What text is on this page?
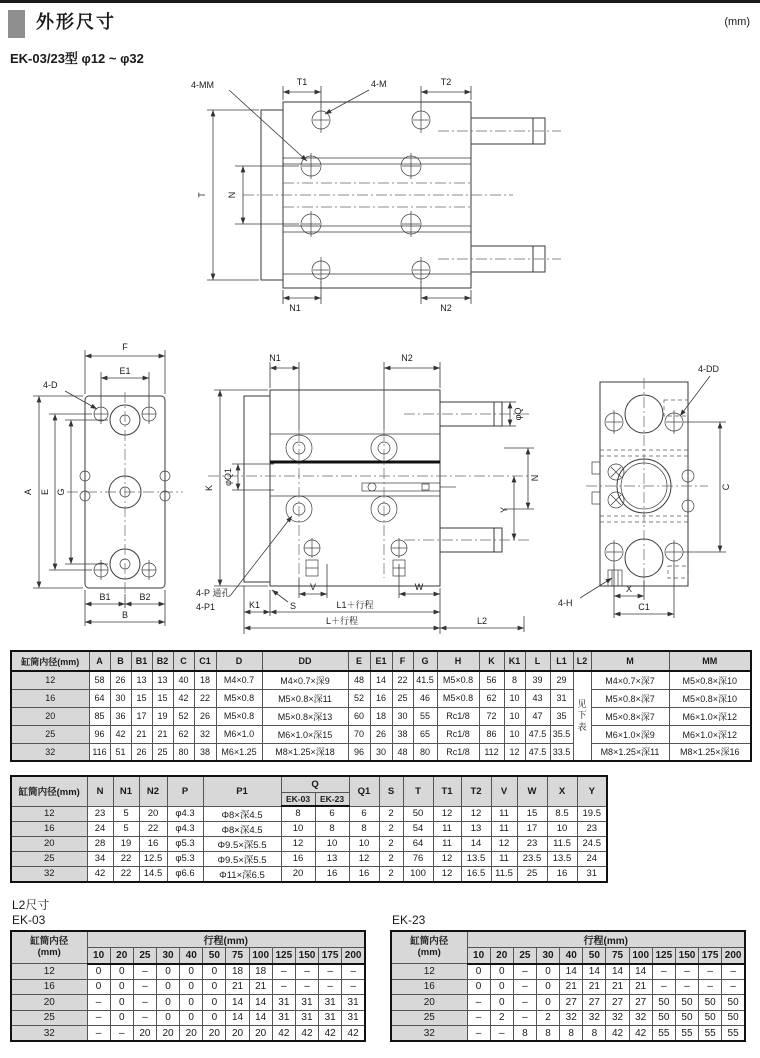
外形尺寸	(mm)
EK-03/23型 φ12 ~ φ32
4-MM	T1	4-M	T2
T N
N1	N2
F
4-D
E1
A E G
B1	B2
B
N1	N2
K
φQ1
φQ
N
Y
V	W
S
K1	L1＋行程
L＋行程	L2
4-P 通孔
4-P1
4-DD
C
4-H
X
C1
缸筒内径(mm)	A	B	B1	B2	C	C1	D	DD	E	E1	F	G	H	K	K1	L	L1	L2	M	MM
12	58	26	13	13	40	18	M4×0.7	M4×0.7×深9	48	14	22	41.5	M5×0.8	56	8	39	29	见下表	M4×0.7×深7	M5×0.8×深10
16	64	30	15	15	42	22	M5×0.8	M5×0.8×深11	52	16	25	46	M5×0.8	62	10	43	31		M5×0.8×深7	M5×0.8×深10
20	85	36	17	19	52	26	M5×0.8	M5×0.8×深13	60	18	30	55	Rc1/8	72	10	47	35		M5×0.8×深7	M6×1.0×深12
25	96	42	21	21	62	32	M6×1.0	M6×1.0×深15	70	26	38	65	Rc1/8	86	10	47.5	35.5		M6×1.0×深9	M6×1.0×深12
32	116	51	26	25	80	38	M6×1.25	M8×1.25×深18	96	30	48	80	Rc1/8	112	12	47.5	33.5		M8×1.25×深11	M8×1.25×深16
缸筒内径(mm)	N	N1	N2	P	P1	Q		Q1	S	T	T1	T2	V	W	X	Y
						EK-03	EK-23									
12	23	5	20	φ4.3	Φ8×深4.5	8	6	6	2	50	12	12	11	15	8.5	19.5
16	24	5	22	φ4.3	Φ8×深4.5	10	8	8	2	54	11	13	11	17	10	23
20	28	19	16	φ5.3	Φ9.5×深5.5	12	10	10	2	64	11	14	12	23	11.5	24.5
25	34	22	12.5	φ5.3	Φ9.5×深5.5	16	13	12	2	76	12	13.5	11	23.5	13.5	24
32	42	22	14.5	φ6.6	Φ11×深6.5	20	16	16	2	100	12	16.5	11.5	25	16	31
L2尺寸
EK-03	EK-23
缸筒内径
(mm)	行程(mm)											
	10	20	25	30	40	50	75	100	125	150	175	200
12	0	0	–	0	0	0	18	18	–	–	–	–
16	0	0	–	0	0	0	21	21	–	–	–	–
20	–	0	–	0	0	0	14	14	31	31	31	31
25	–	0	–	0	0	0	14	14	31	31	31	31
32	–	–	20	20	20	20	20	20	42	42	42	42
缸筒内径
(mm)	行程(mm)											
	10	20	25	30	40	50	75	100	125	150	175	200
12	0	0	–	0	14	14	14	14	–	–	–	–
16	0	0	–	0	21	21	21	21	–	–	–	–
20	–	0	–	0	27	27	27	27	50	50	50	50
25	–	2	–	2	32	32	32	32	50	50	50	50
32	–	–	8	8	8	8	42	42	55	55	55	55
